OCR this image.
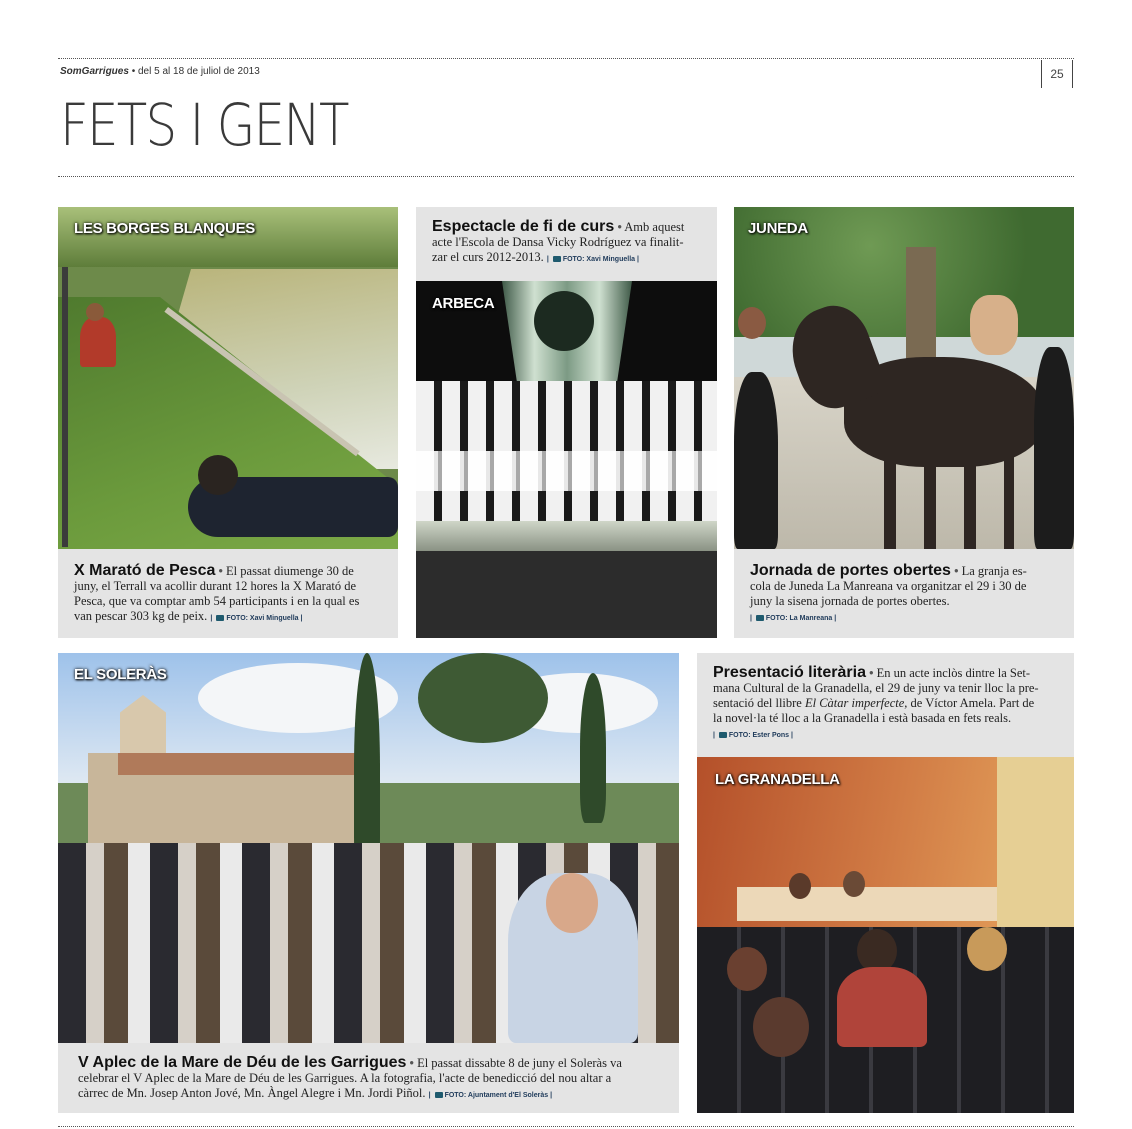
SomGarrigues • del 5 al 18 de juliol de 2013	25
FETS I GENT
LES BORGES BLANQUES
X Marató de Pesca • El passat diumenge 30 de
juny, el Terrall va acollir durant 12 hores la X Marató de
Pesca, que va comptar amb 54 participants i en la qual es
van pescar 303 kg de peix. | FOTO: Xavi Minguella |
Espectacle de fi de curs • Amb aquest
acte l'Escola de Dansa Vicky Rodríguez va finalit-
zar el curs 2012-2013. | FOTO: Xavi Minguella |
ARBECA
JUNEDA
Jornada de portes obertes • La granja es-
cola de Juneda La Manreana va organitzar el 29 i 30 de
juny la sisena jornada de portes obertes.
| FOTO: La Manreana |
EL SOLERÀS
V Aplec de la Mare de Déu de les Garrigues • El passat dissabte 8 de juny el Soleràs va
celebrar el V Aplec de la Mare de Déu de les Garrigues. A la fotografia, l'acte de benedicció del nou altar a
càrrec de Mn. Josep Anton Jové, Mn. Àngel Alegre i Mn. Jordi Piñol. | FOTO: Ajuntament d'El Soleràs |
Presentació literària • En un acte inclòs dintre la Set-
mana Cultural de la Granadella, el 29 de juny va tenir lloc la pre-
sentació del llibre El Càtar imperfecte, de Víctor Amela. Part de
la novel·la té lloc a la Granadella i està basada en fets reals.
| FOTO: Ester Pons |
LA GRANADELLA
